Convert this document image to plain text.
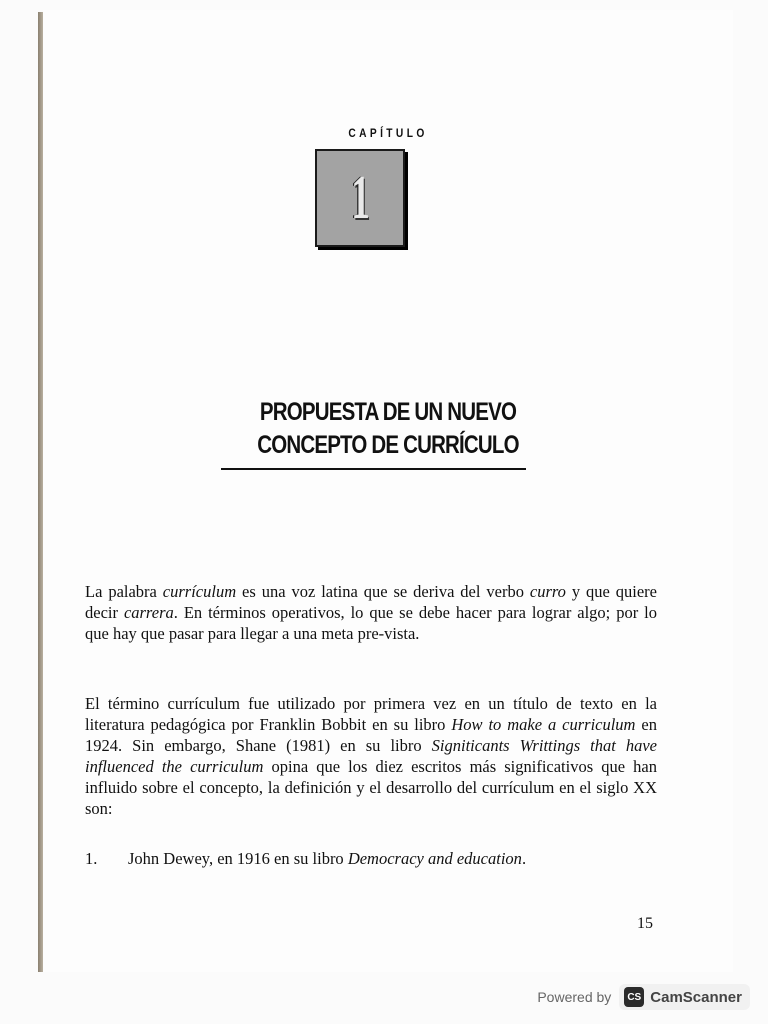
CAPÍTULO
1
PROPUESTA DE UN NUEVO
CONCEPTO DE CURRÍCULO

La palabra currículum es una voz latina que se deriva del verbo curro y que quiere decir carrera. En términos operativos, lo que se debe hacer para lograr algo; por lo que hay que pasar para llegar a una meta pre-vista.

El término currículum fue utilizado por primera vez en un título de texto en la literatura pedagógica por Franklin Bobbit en su libro How to make a curriculum en 1924. Sin embargo, Shane (1981) en su libro Signiticants Writtings that have influenced the curriculum opina que los diez escritos más significativos que han influido sobre el concepto, la definición y el desarrollo del currículum en el siglo XX son:

1. John Dewey, en 1916 en su libro Democracy and education.
15
Powered by	CS CamScanner
